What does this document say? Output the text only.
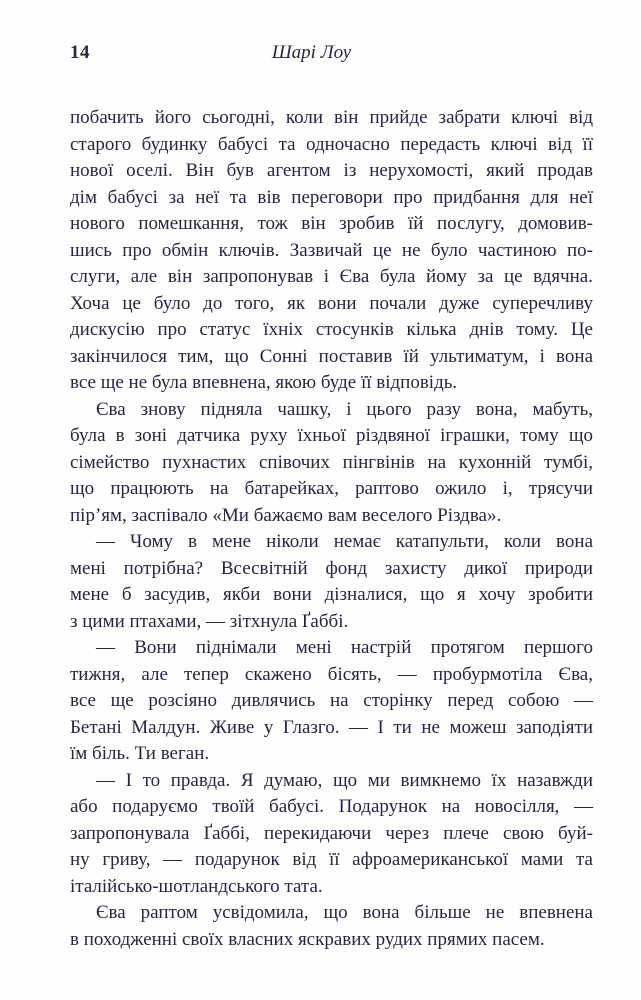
14	Шарі Лоу
побачить його сьогодні, коли він прийде забрати ключі від
старого будинку бабусі та одночасно передасть ключі від її
нової оселі. Він був агентом із нерухомості, який продав
дім бабусі за неї та вів переговори про придбання для неї
нового помешкання, тож він зробив їй послугу, домовив-
шись про обмін ключів. Зазвичай це не було частиною по-
слуги, але він запропонував і Єва була йому за це вдячна.
Хоча це було до того, як вони почали дуже суперечливу
дискусію про статус їхніх стосунків кілька днів тому. Це
закінчилося тим, що Сонні поставив їй ультиматум, і вона
все ще не була впевнена, якою буде її відповідь.
Єва знову підняла чашку, і цього разу вона, мабуть,
була в зоні датчика руху їхньої різдвяної іграшки, тому що
сімейство пухнастих співочих пінгвінів на кухонній тумбі,
що працюють на батарейках, раптово ожило і, трясучи
пір’ям, заспівало «Ми бажаємо вам веселого Різдва».
— Чому в мене ніколи немає катапульти, коли вона
мені потрібна? Всесвітній фонд захисту дикої природи
мене б засудив, якби вони дізналися, що я хочу зробити
з цими птахами, — зітхнула Ґаббі.
— Вони піднімали мені настрій протягом першого
тижня, але тепер скажено бісять, — пробурмотіла Єва,
все ще розсіяно дивлячись на сторінку перед собою —
Бетані Малдун. Живе у Глазго. — І ти не можеш заподіяти
їм біль. Ти веган.
— І то правда. Я думаю, що ми вимкнемо їх назавжди
або подаруємо твоїй бабусі. Подарунок на новосілля, —
запропонувала Ґаббі, перекидаючи через плече свою буй-
ну гриву, — подарунок від її афроамериканської мами та
італійсько-шотландського тата.
Єва раптом усвідомила, що вона більше не впевнена
в походженні своїх власних яскравих рудих прямих пасем.
